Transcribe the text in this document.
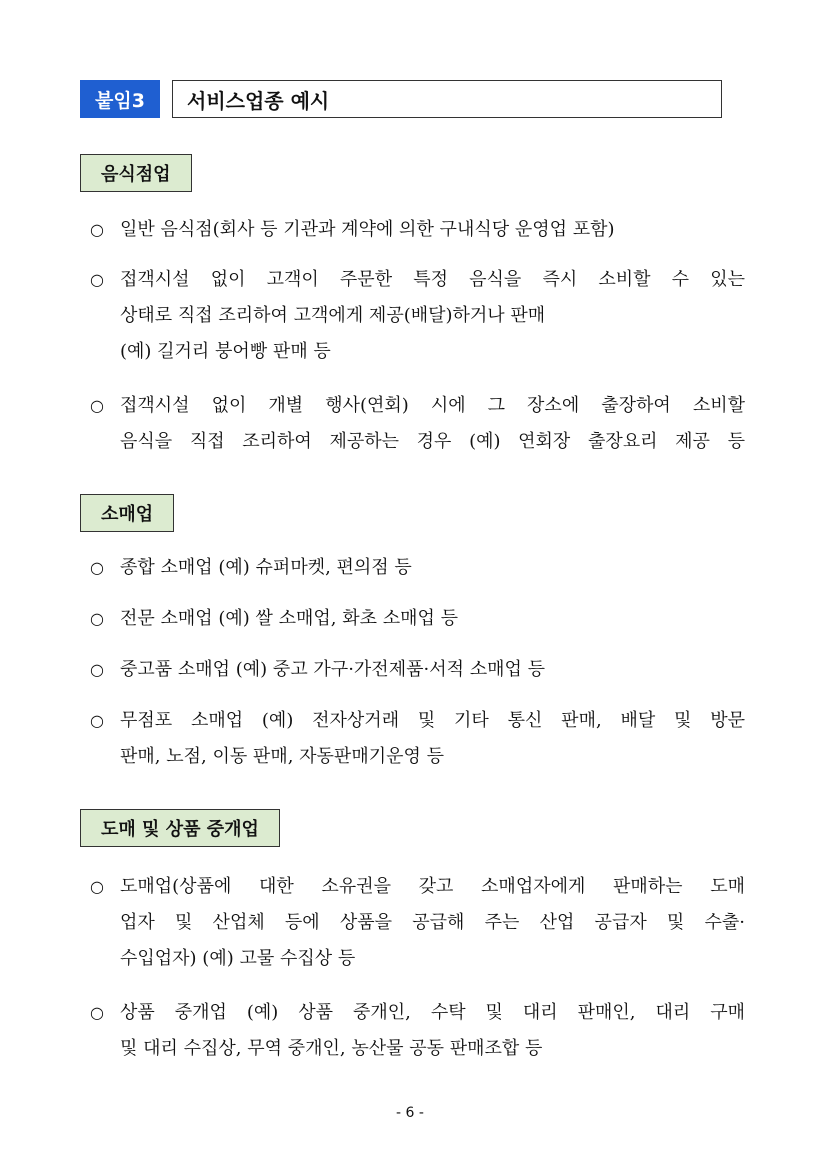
붙임3	서비스업종 예시
음식점업
○ 일반 음식점(회사 등 기관과 계약에 의한 구내식당 운영업 포함)
○ 접객시설 없이 고객이 주문한 특정 음식을 즉시 소비할 수 있는
상태로 직접 조리하여 고객에게 제공(배달)하거나 판매
(예) 길거리 붕어빵 판매 등
○ 접객시설 없이 개별 행사(연회) 시에 그 장소에 출장하여 소비할
음식을 직접 조리하여 제공하는 경우 (예) 연회장 출장요리 제공 등
소매업
○ 종합 소매업 (예) 슈퍼마켓, 편의점 등
○ 전문 소매업 (예) 쌀 소매업, 화초 소매업 등
○ 중고품 소매업 (예) 중고 가구·가전제품·서적 소매업 등
○ 무점포 소매업 (예) 전자상거래 및 기타 통신 판매, 배달 및 방문
판매, 노점, 이동 판매, 자동판매기운영 등
도매 및 상품 중개업
○ 도매업(상품에 대한 소유권을 갖고 소매업자에게 판매하는 도매
업자 및 산업체 등에 상품을 공급해 주는 산업 공급자 및 수출·
수입업자) (예) 고물 수집상 등
○ 상품 중개업 (예) 상품 중개인, 수탁 및 대리 판매인, 대리 구매
및 대리 수집상, 무역 중개인, 농산물 공동 판매조합 등
- 6 -
